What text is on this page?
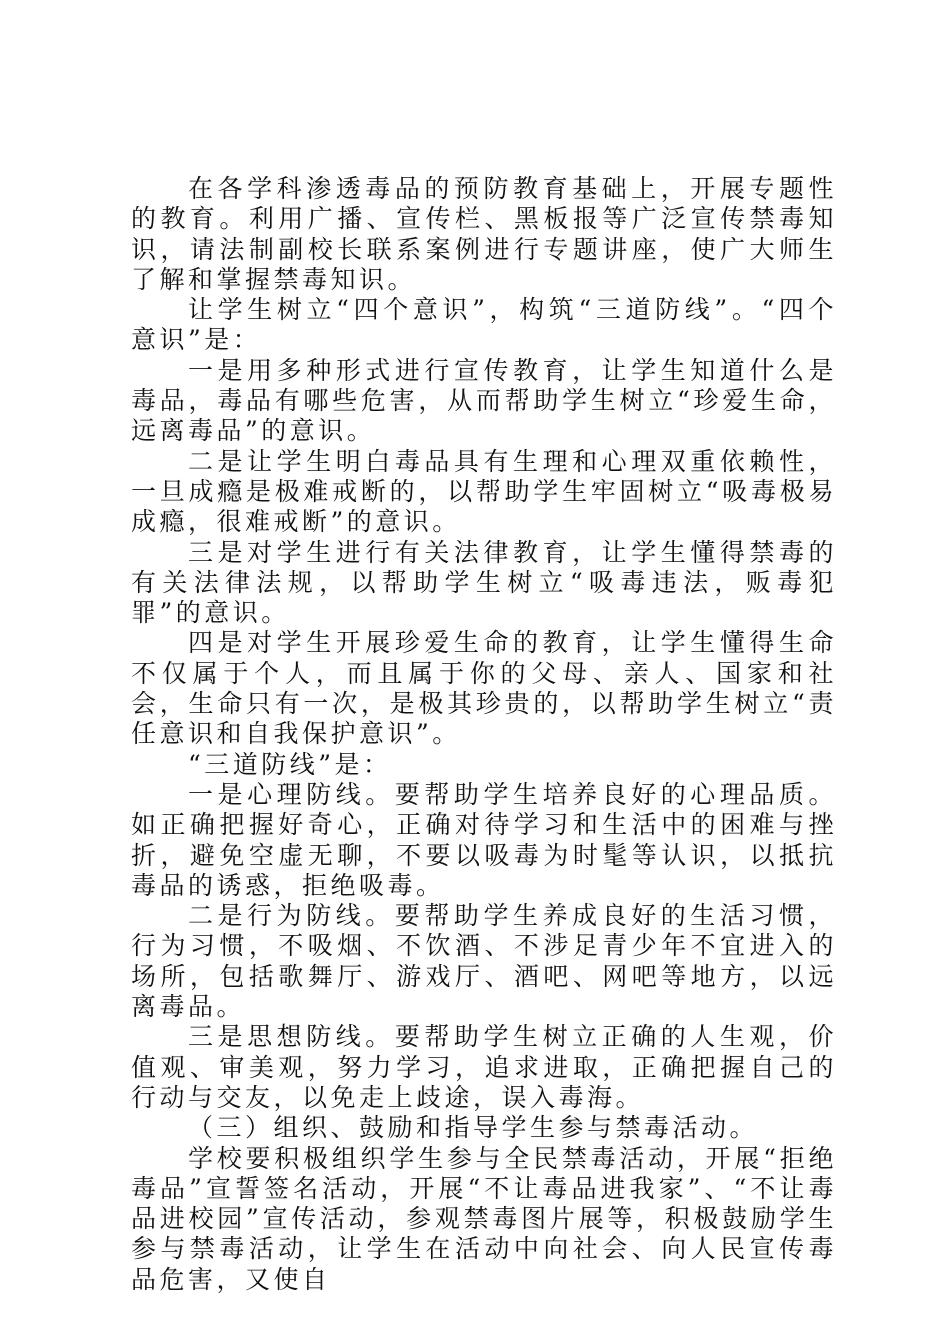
在各学科渗透毒品的预防教育基础上，开展专题性的教育。利用广播、宣传栏、黑板报等广泛宣传禁毒知识，请法制副校长联系案例进行专题讲座，使广大师生了解和掌握禁毒知识。

让学生树立“四个意识”，构筑“三道防线”。“四个意识”是：

一是用多种形式进行宣传教育，让学生知道什么是毒品，毒品有哪些危害，从而帮助学生树立“珍爱生命，远离毒品”的意识。

二是让学生明白毒品具有生理和心理双重依赖性，一旦成瘾是极难戒断的，以帮助学生牢固树立“吸毒极易成瘾，很难戒断”的意识。

三是对学生进行有关法律教育，让学生懂得禁毒的有关法律法规，以帮助学生树立“吸毒违法，贩毒犯罪”的意识。

四是对学生开展珍爱生命的教育，让学生懂得生命不仅属于个人，而且属于你的父母、亲人、国家和社会，生命只有一次，是极其珍贵的，以帮助学生树立“责任意识和自我保护意识”。

“三道防线”是：

一是心理防线。要帮助学生培养良好的心理品质。如正确把握好奇心，正确对待学习和生活中的困难与挫折，避免空虚无聊，不要以吸毒为时髦等认识，以抵抗毒品的诱惑，拒绝吸毒。

二是行为防线。要帮助学生养成良好的生活习惯，行为习惯，不吸烟、不饮酒、不涉足青少年不宜进入的场所，包括歌舞厅、游戏厅、酒吧、网吧等地方，以远离毒品。

三是思想防线。要帮助学生树立正确的人生观，价值观、审美观，努力学习，追求进取，正确把握自己的行动与交友，以免走上歧途，误入毒海。

（三）组织、鼓励和指导学生参与禁毒活动。

学校要积极组织学生参与全民禁毒活动，开展“拒绝毒品”宣誓签名活动，开展“不让毒品进我家”、“不让毒品进校园”宣传活动，参观禁毒图片展等，积极鼓励学生参与禁毒活动，让学生在活动中向社会、向人民宣传毒品危害，又使自
